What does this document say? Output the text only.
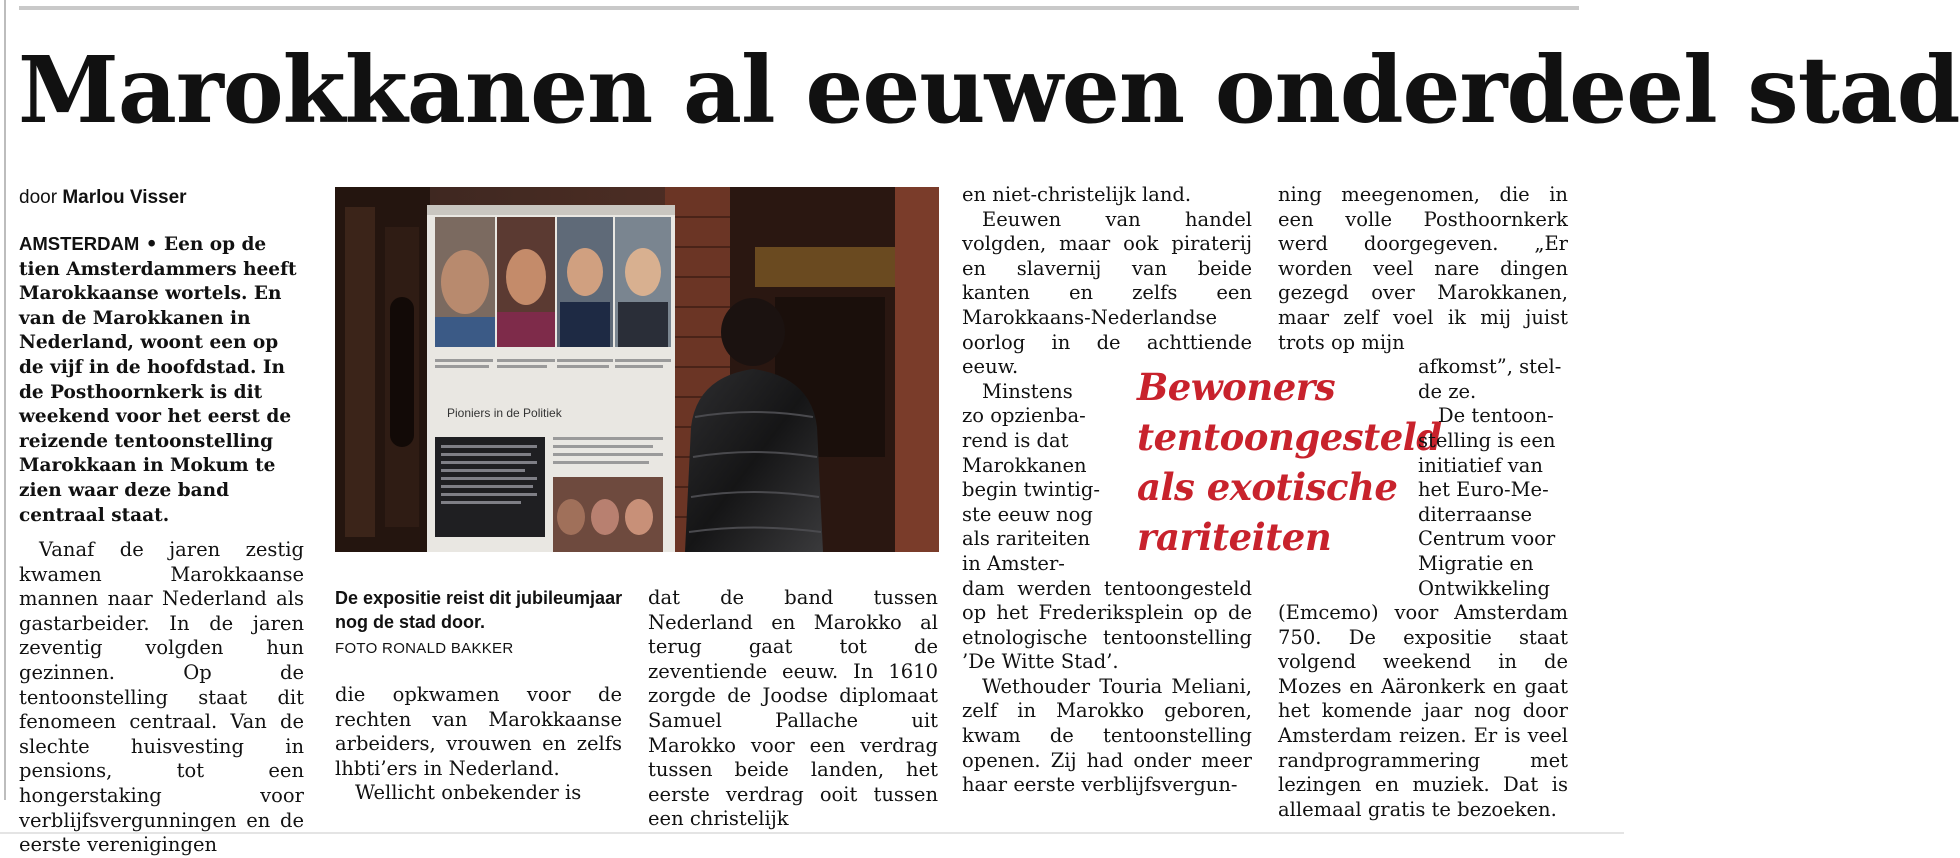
Marokkanen al eeuwen onderdeel stad
door Marlou Visser
AMSTERDAM • Een op de tien Amsterdammers heeft Marokkaanse wortels. En van de Marokkanen in Nederland, woont een op de vijf in de hoofdstad. In de Posthoornkerk is dit weekend voor het eerst de reizende tentoonstelling Marokkaan in Mokum te zien waar deze band centraal staat.

Vanaf de jaren zestig kwamen Marokkaanse mannen naar Nederland als gastarbeider. In de jaren zeventig volgden hun gezinnen. Op de tentoonstelling staat dit fenomeen centraal. Van de slechte huisvesting in pensions, tot een hongerstaking voor verblijfsvergunningen en de eerste verenigingen

Pioniers in de Politiek
De expositie reist dit jubileumjaar nog de stad door.
FOTO RONALD BAKKER

die opkwamen voor de rechten van Marokkaanse arbeiders, vrouwen en zelfs lhbti’ers in Nederland.

Wellicht onbekender is

dat de band tussen Nederland en Marokko al terug gaat tot de zeventiende eeuw. In 1610 zorgde de Joodse diplomaat Samuel Pallache uit Marokko voor een verdrag tussen beide landen, het eerste verdrag ooit tussen een christelijk

en niet-christelijk land.

Eeuwen van handel volgden, maar ook piraterij en slavernij van beide kanten en zelfs een Marokkaans-Nederlandse oorlog in de achttiende eeuw.

Minstens
zo opzienba-
rend is dat
Marokkanen
begin twintig-
ste eeuw nog
als rariteiten
in Amster-

dam werden tentoongesteld op het Frederiksplein op de etnologische tentoonstelling ’De Witte Stad’.

Wethouder Touria Meliani, zelf in Marokko geboren, kwam de tentoonstelling openen. Zij had onder meer haar eerste verblijfsvergun-

Bewoners
tentoongesteld
als exotische
rariteiten

ning meegenomen, die in een volle Posthoornkerk werd doorgegeven. „Er worden veel nare dingen gezegd over Marokkanen, maar zelf voel ik mij juist trots op mijn

afkomst”, stel-
de ze.
De tentoon-
stelling is een
initiatief van
het Euro-Me-
diterraanse
Centrum voor
Migratie en
Ontwikkeling

(Emcemo) voor Amsterdam 750. De expositie staat volgend weekend in de Mozes en Aäronkerk en gaat het komende jaar nog door Amsterdam reizen. Er is veel randprogrammering met lezingen en muziek. Dat is allemaal gratis te bezoeken.
